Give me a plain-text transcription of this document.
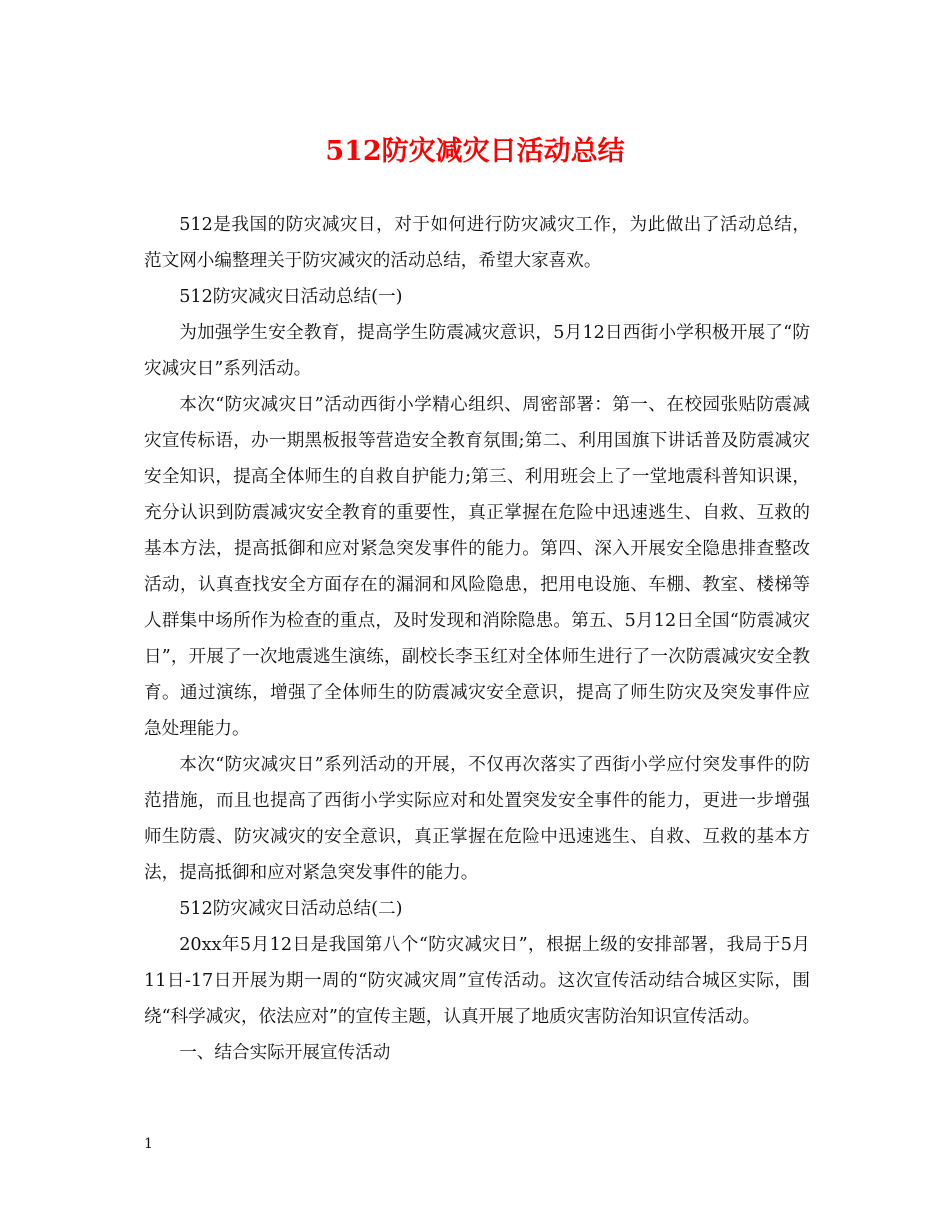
512防灾减灾日活动总结

512是我国的防灾减灾日，对于如何进行防灾减灾工作，为此做出了活动总结，范文网小编整理关于防灾减灾的活动总结，希望大家喜欢。

512防灾减灾日活动总结(一)

为加强学生安全教育，提高学生防震减灾意识，5月12日西街小学积极开展了“防灾减灾日”系列活动。

本次“防灾减灾日”活动西街小学精心组织、周密部署：第一、在校园张贴防震减灾宣传标语，办一期黑板报等营造安全教育氛围;第二、利用国旗下讲话普及防震减灾安全知识，提高全体师生的自救自护能力;第三、利用班会上了一堂地震科普知识课，充分认识到防震减灾安全教育的重要性，真正掌握在危险中迅速逃生、自救、互救的基本方法，提高抵御和应对紧急突发事件的能力。第四、深入开展安全隐患排查整改活动，认真查找安全方面存在的漏洞和风险隐患，把用电设施、车棚、教室、楼梯等人群集中场所作为检查的重点，及时发现和消除隐患。第五、5月12日全国“防震减灾日”，开展了一次地震逃生演练，副校长李玉红对全体师生进行了一次防震减灾安全教育。通过演练，增强了全体师生的防震减灾安全意识，提高了师生防灾及突发事件应急处理能力。

本次“防灾减灾日”系列活动的开展，不仅再次落实了西街小学应付突发事件的防范措施，而且也提高了西街小学实际应对和处置突发安全事件的能力，更进一步增强师生防震、防灾减灾的安全意识，真正掌握在危险中迅速逃生、自救、互救的基本方法，提高抵御和应对紧急突发事件的能力。

512防灾减灾日活动总结(二)

20xx年5月12日是我国第八个“防灾减灾日”，根据上级的安排部署，我局于5月11日-17日开展为期一周的“防灾减灾周”宣传活动。这次宣传活动结合城区实际，围绕“科学减灾，依法应对”的宣传主题，认真开展了地质灾害防治知识宣传活动。

一、结合实际开展宣传活动

1
